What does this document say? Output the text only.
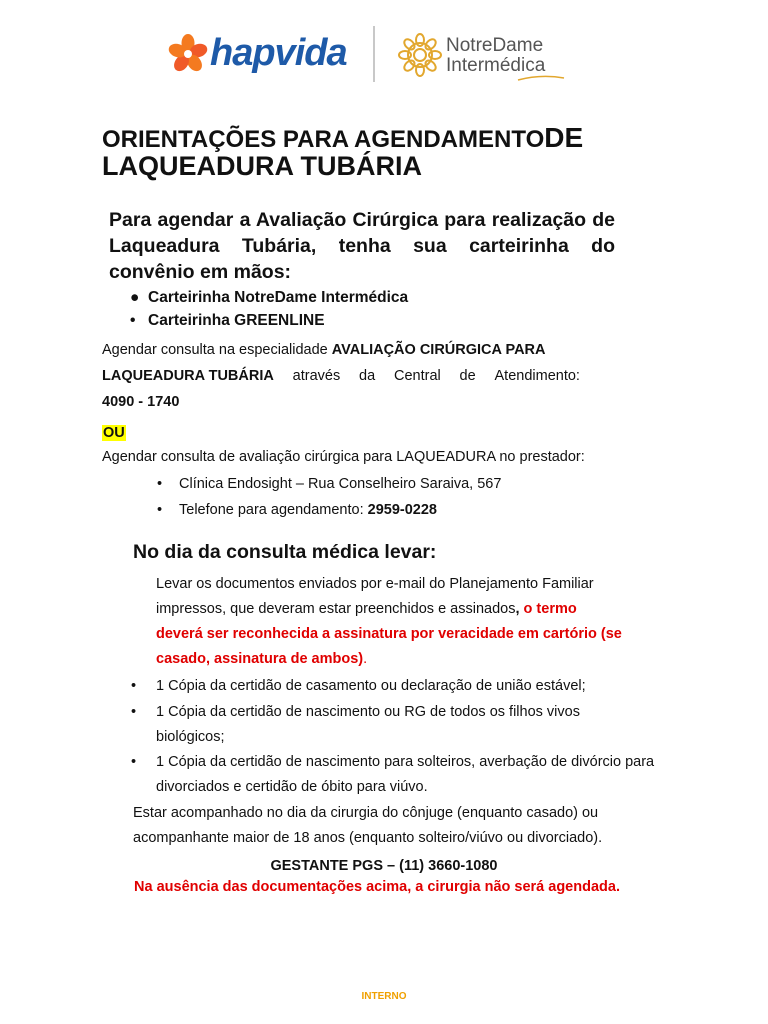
hapvida	NotreDame
Intermédica
ORIENTAÇÕES PARA AGENDAMENTODE
LAQUEADURA TUBÁRIA
Para agendar a Avaliação Cirúrgica para realização de Laqueadura Tubária, tenha sua carteirinha do convênio em mãos:
● Carteirinha NotreDame Intermédica
• Carteirinha GREENLINE
Agendar consulta na especialidade AVALIAÇÃO CIRÚRGICA PARA
LAQUEADURA TUBÁRIA através da Central de Atendimento:
4090 - 1740
OU
Agendar consulta de avaliação cirúrgica para LAQUEADURA no prestador:
• Clínica Endosight – Rua Conselheiro Saraiva, 567
• Telefone para agendamento: 2959-0228
No dia da consulta médica levar:
Levar os documentos enviados por e-mail do Planejamento Familiar
impressos, que deveram estar preenchidos e assinados, o termo
deverá ser reconhecida a assinatura por veracidade em cartório (se
casado, assinatura de ambos).
• 1 Cópia da certidão de casamento ou declaração de união estável;
• 1 Cópia da certidão de nascimento ou RG de todos os filhos vivos biológicos;
• 1 Cópia da certidão de nascimento para solteiros, averbação de divórcio para divorciados e certidão de óbito para viúvo.
Estar acompanhado no dia da cirurgia do cônjuge (enquanto casado) ou
acompanhante maior de 18 anos (enquanto solteiro/viúvo ou divorciado).
GESTANTE PGS – (11) 3660-1080
Na ausência das documentações acima, a cirurgia não será agendada.
INTERNO
